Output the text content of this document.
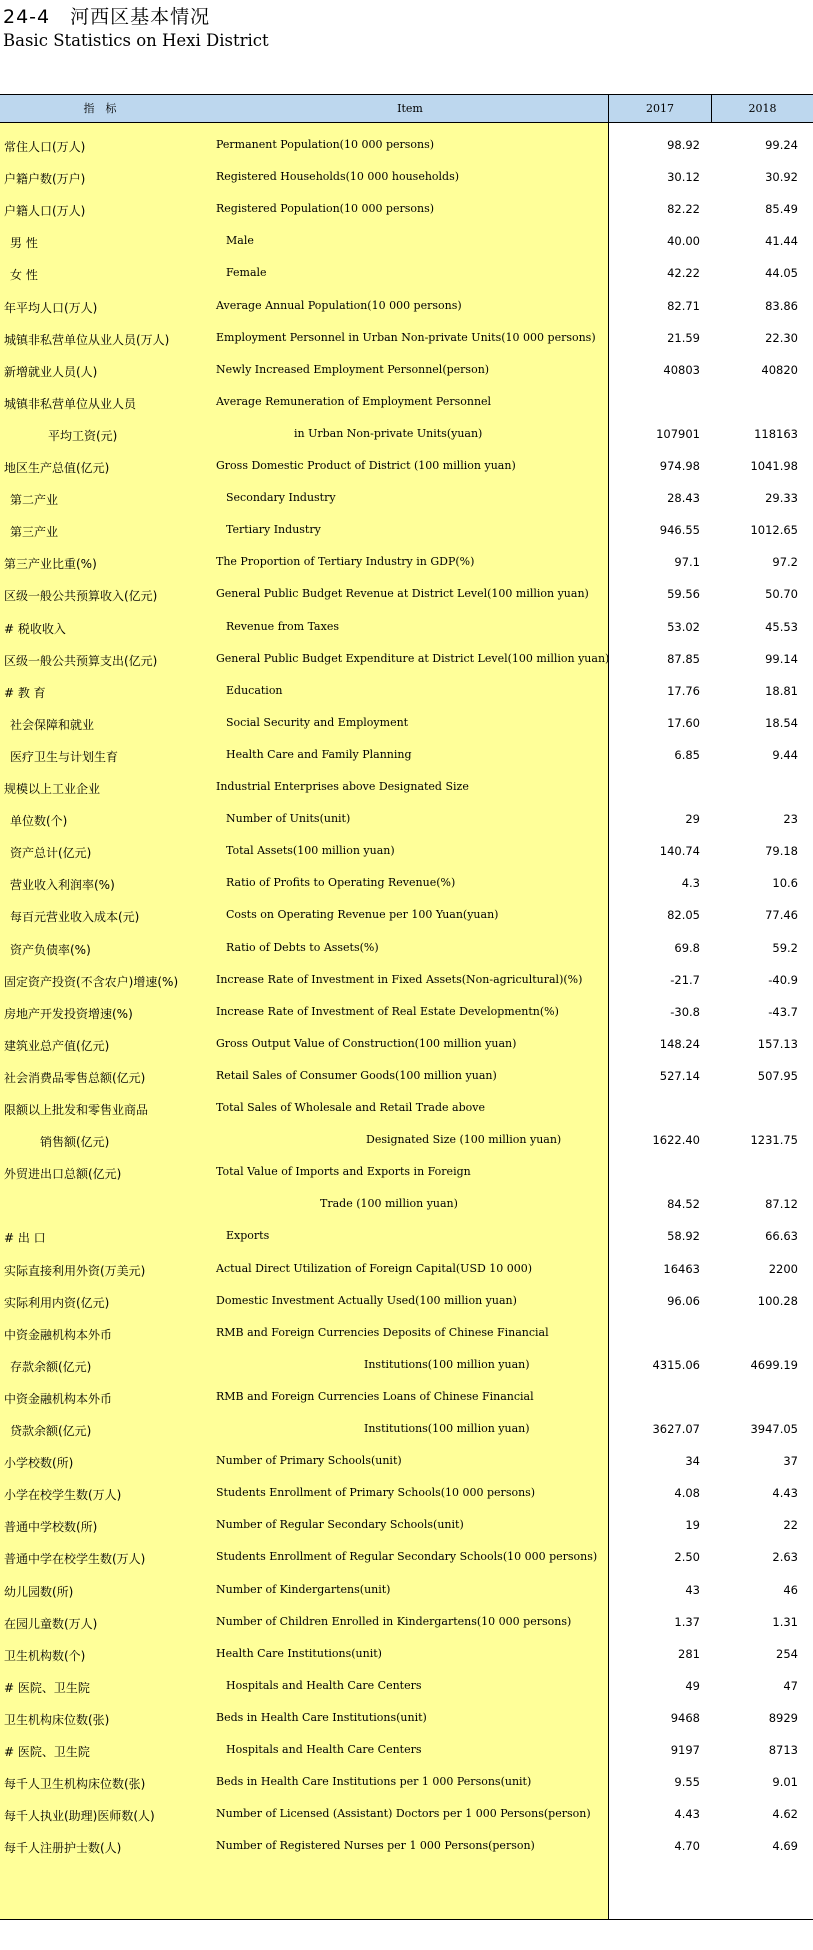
24-4　河西区基本情况
Basic Statistics on Hexi District
指　标	Item	2017	2018
常住人口(万人)	Permanent Population(10 000 persons)	98.92	99.24
户籍户数(万户)	Registered Households(10 000 households)	30.12	30.92
户籍人口(万人)	Registered Population(10 000 persons)	82.22	85.49
男 性	Male	40.00	41.44
女 性	Female	42.22	44.05
年平均人口(万人)	Average Annual Population(10 000 persons)	82.71	83.86
城镇非私营单位从业人员(万人)	Employment Personnel in Urban Non-private Units(10 000 persons)	21.59	22.30
新增就业人员(人)	Newly Increased Employment Personnel(person)	40803	40820
城镇非私营单位从业人员	Average Remuneration of Employment Personnel
平均工资(元)	in Urban Non-private Units(yuan)	107901	118163
地区生产总值(亿元)	Gross Domestic Product of District (100 million yuan)	974.98	1041.98
第二产业	Secondary Industry	28.43	29.33
第三产业	Tertiary Industry	946.55	1012.65
第三产业比重(%)	The Proportion of Tertiary Industry in GDP(%)	97.1	97.2
区级一般公共预算收入(亿元)	General Public Budget Revenue at District Level(100 million yuan)	59.56	50.70
# 税收收入	Revenue from Taxes	53.02	45.53
区级一般公共预算支出(亿元)	General Public Budget Expenditure at District Level(100 million yuan)	87.85	99.14
# 教 育	Education	17.76	18.81
社会保障和就业	Social Security and Employment	17.60	18.54
医疗卫生与计划生育	Health Care and Family Planning	6.85	9.44
规模以上工业企业	Industrial Enterprises above Designated Size
单位数(个)	Number of Units(unit)	29	23
资产总计(亿元)	Total Assets(100 million yuan)	140.74	79.18
营业收入利润率(%)	Ratio of Profits to Operating Revenue(%)	4.3	10.6
每百元营业收入成本(元)	Costs on Operating Revenue per 100 Yuan(yuan)	82.05	77.46
资产负债率(%)	Ratio of Debts to Assets(%)	69.8	59.2
固定资产投资(不含农户)增速(%)	Increase Rate of Investment in Fixed Assets(Non-agricultural)(%)	-21.7	-40.9
房地产开发投资增速(%)	Increase Rate of Investment of Real Estate Developmentn(%)	-30.8	-43.7
建筑业总产值(亿元)	Gross Output Value of Construction(100 million yuan)	148.24	157.13
社会消费品零售总额(亿元)	Retail Sales of Consumer Goods(100 million yuan)	527.14	507.95
限额以上批发和零售业商品	Total Sales of Wholesale and Retail Trade above
销售额(亿元)	Designated Size (100 million yuan)	1622.40	1231.75
外贸进出口总额(亿元)	Total Value of Imports and Exports in Foreign
Trade (100 million yuan)	84.52	87.12
# 出 口	Exports	58.92	66.63
实际直接利用外资(万美元)	Actual Direct Utilization of Foreign Capital(USD 10 000)	16463	2200
实际利用内资(亿元)	Domestic Investment Actually Used(100 million yuan)	96.06	100.28
中资金融机构本外币	RMB and Foreign Currencies Deposits of Chinese Financial
存款余额(亿元)	Institutions(100 million yuan)	4315.06	4699.19
中资金融机构本外币	RMB and Foreign Currencies Loans of Chinese Financial
贷款余额(亿元)	Institutions(100 million yuan)	3627.07	3947.05
小学校数(所)	Number of Primary Schools(unit)	34	37
小学在校学生数(万人)	Students Enrollment of Primary Schools(10 000 persons)	4.08	4.43
普通中学校数(所)	Number of Regular Secondary Schools(unit)	19	22
普通中学在校学生数(万人)	Students Enrollment of Regular Secondary Schools(10 000 persons)	2.50	2.63
幼儿园数(所)	Number of Kindergartens(unit)	43	46
在园儿童数(万人)	Number of Children Enrolled in Kindergartens(10 000 persons)	1.37	1.31
卫生机构数(个)	Health Care Institutions(unit)	281	254
# 医院、卫生院	Hospitals and Health Care Centers	49	47
卫生机构床位数(张)	Beds in Health Care Institutions(unit)	9468	8929
# 医院、卫生院	Hospitals and Health Care Centers	9197	8713
每千人卫生机构床位数(张)	Beds in Health Care Institutions per 1 000 Persons(unit)	9.55	9.01
每千人执业(助理)医师数(人)	Number of Licensed (Assistant) Doctors per 1 000 Persons(person)	4.43	4.62
每千人注册护士数(人)	Number of Registered Nurses per 1 000 Persons(person)	4.70	4.69
